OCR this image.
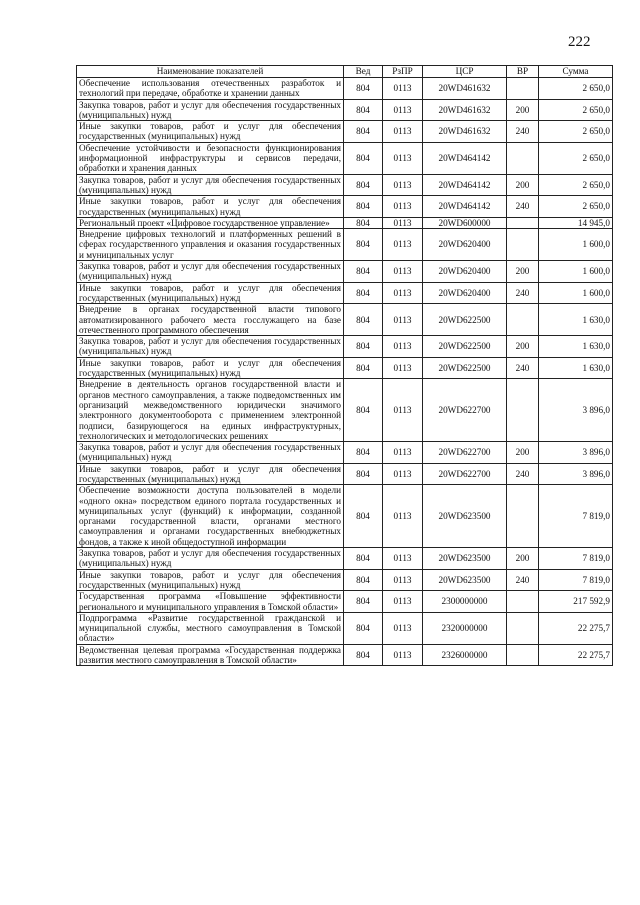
222
Наименование показателей	Вед	РзПР	ЦСР	ВР	Сумма
Обеспечение использования отечественных разработок и технологий при передаче, обработке и хранении данных	804	0113	20WD461632		2 650,0
Закупка товаров, работ и услуг для обеспечения государственных (муниципальных) нужд	804	0113	20WD461632	200	2 650,0
Иные закупки товаров, работ и услуг для обеспечения государственных (муниципальных) нужд	804	0113	20WD461632	240	2 650,0
Обеспечение устойчивости и безопасности функционирования информационной инфраструктуры и сервисов передачи, обработки и хранения данных	804	0113	20WD464142		2 650,0
Закупка товаров, работ и услуг для обеспечения государственных (муниципальных) нужд	804	0113	20WD464142	200	2 650,0
Иные закупки товаров, работ и услуг для обеспечения государственных (муниципальных) нужд	804	0113	20WD464142	240	2 650,0
Региональный проект «Цифровое государственное управление»	804	0113	20WD600000		14 945,0
Внедрение цифровых технологий и платформенных решений в сферах государственного управления и оказания государственных и муниципальных услуг	804	0113	20WD620400		1 600,0
Закупка товаров, работ и услуг для обеспечения государственных (муниципальных) нужд	804	0113	20WD620400	200	1 600,0
Иные закупки товаров, работ и услуг для обеспечения государственных (муниципальных) нужд	804	0113	20WD620400	240	1 600,0
Внедрение в органах государственной власти типового автоматизированного рабочего места госслужащего на базе отечественного программного обеспечения	804	0113	20WD622500		1 630,0
Закупка товаров, работ и услуг для обеспечения государственных (муниципальных) нужд	804	0113	20WD622500	200	1 630,0
Иные закупки товаров, работ и услуг для обеспечения государственных (муниципальных) нужд	804	0113	20WD622500	240	1 630,0
Внедрение в деятельность органов государственной власти и органов местного самоуправления, а также подведомственных им организаций межведомственного юридически значимого электронного документооборота с применением электронной подписи, базирующегося на единых инфраструктурных, технологических и методологических решениях	804	0113	20WD622700		3 896,0
Закупка товаров, работ и услуг для обеспечения государственных (муниципальных) нужд	804	0113	20WD622700	200	3 896,0
Иные закупки товаров, работ и услуг для обеспечения государственных (муниципальных) нужд	804	0113	20WD622700	240	3 896,0
Обеспечение возможности доступа пользователей в модели «одного окна» посредством единого портала государственных и муниципальных услуг (функций) к информации, созданной органами государственной власти, органами местного самоуправления и органами государственных внебюджетных фондов, а также к иной общедоступной информации	804	0113	20WD623500		7 819,0
Закупка товаров, работ и услуг для обеспечения государственных (муниципальных) нужд	804	0113	20WD623500	200	7 819,0
Иные закупки товаров, работ и услуг для обеспечения государственных (муниципальных) нужд	804	0113	20WD623500	240	7 819,0
Государственная программа «Повышение эффективности регионального и муниципального управления в Томской области»	804	0113	2300000000		217 592,9
Подпрограмма «Развитие государственной гражданской и муниципальной службы, местного самоуправления в Томской области»	804	0113	2320000000		22 275,7
Ведомственная целевая программа «Государственная поддержка развития местного самоуправления в Томской области»	804	0113	2326000000		22 275,7
